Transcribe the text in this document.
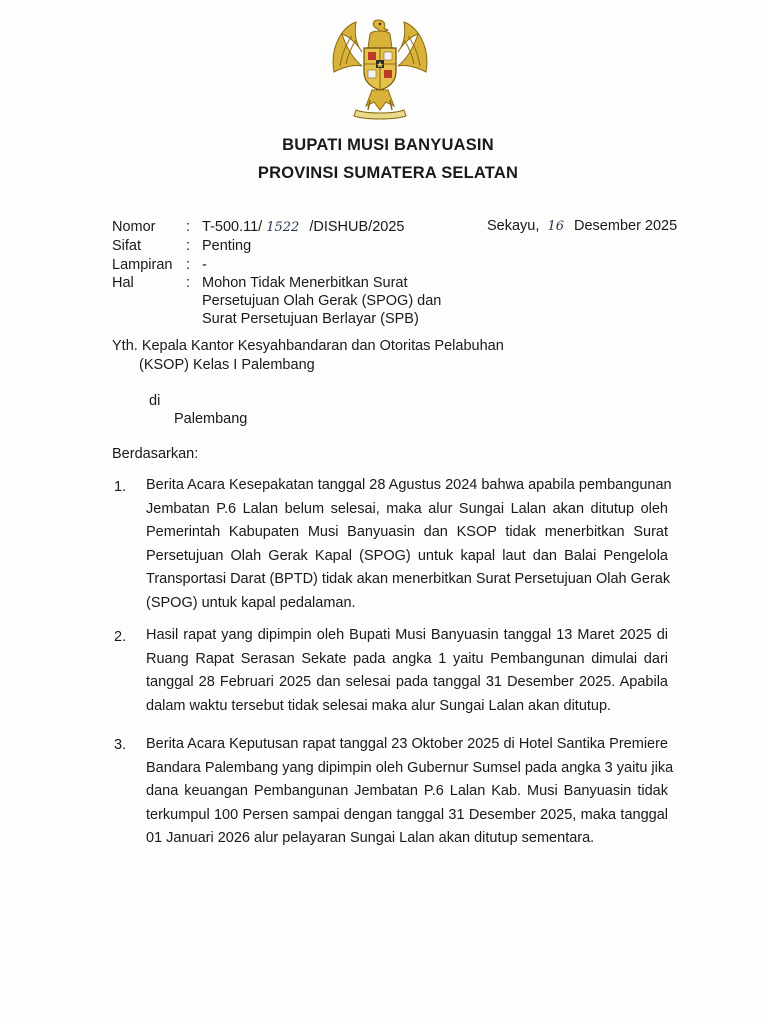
BUPATI MUSI BANYUASIN
PROVINSI SUMATERA SELATAN
Nomor : T-500.11/ 1522 /DISHUB/2025
Sifat	: Penting
Lampiran : -
Hal	: Mohon Tidak Menerbitkan Surat
Persetujuan Olah Gerak (SPOG) dan
Surat Persetujuan Berlayar (SPB)
Sekayu, 16 Desember 2025
Yth. Kepala Kantor Kesyahbandaran dan Otoritas Pelabuhan
(KSOP) Kelas I Palembang
di
Palembang
Berdasarkan:
1. Berita Acara Kesepakatan tanggal 28 Agustus 2024 bahwa apabila pembangunan
Jembatan P.6 Lalan belum selesai, maka alur Sungai Lalan akan ditutup oleh
Pemerintah Kabupaten Musi Banyuasin dan KSOP tidak menerbitkan Surat
Persetujuan Olah Gerak Kapal (SPOG) untuk kapal laut dan Balai Pengelola
Transportasi Darat (BPTD) tidak akan menerbitkan Surat Persetujuan Olah Gerak
(SPOG) untuk kapal pedalaman.
2. Hasil rapat yang dipimpin oleh Bupati Musi Banyuasin tanggal 13 Maret 2025 di
Ruang Rapat Serasan Sekate pada angka 1 yaitu Pembangunan dimulai dari
tanggal 28 Februari 2025 dan selesai pada tanggal 31 Desember 2025. Apabila
dalam waktu tersebut tidak selesai maka alur Sungai Lalan akan ditutup.
3. Berita Acara Keputusan rapat tanggal 23 Oktober 2025 di Hotel Santika Premiere
Bandara Palembang yang dipimpin oleh Gubernur Sumsel pada angka 3 yaitu jika
dana keuangan Pembangunan Jembatan P.6 Lalan Kab. Musi Banyuasin tidak
terkumpul 100 Persen sampai dengan tanggal 31 Desember 2025, maka tanggal
01 Januari 2026 alur pelayaran Sungai Lalan akan ditutup sementara.
